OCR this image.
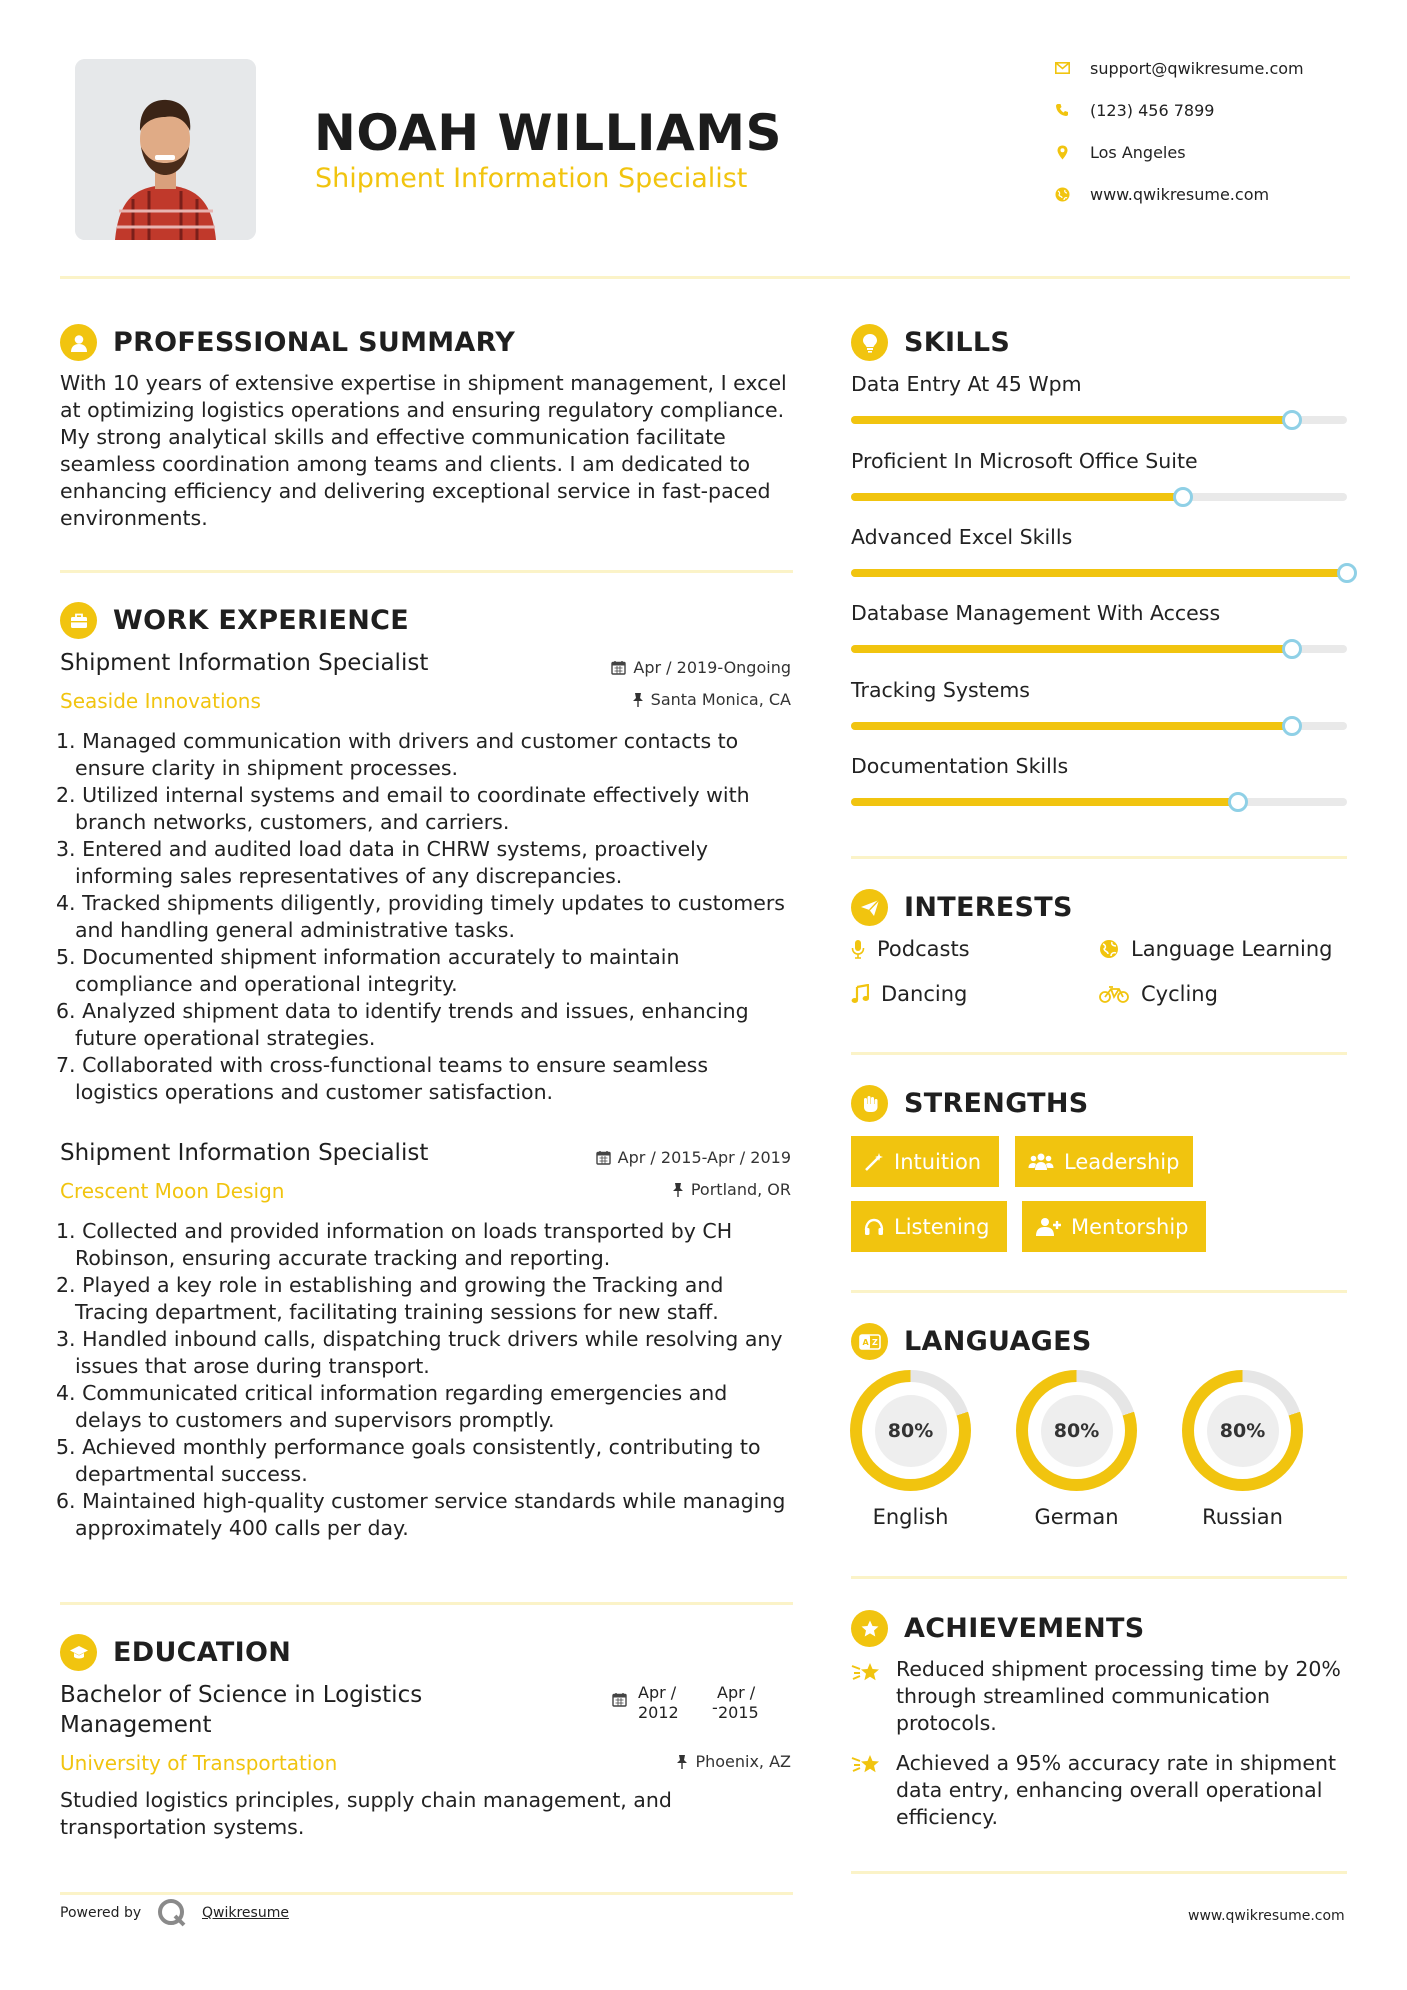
NOAH WILLIAMS
Shipment Information Specialist
support@qwikresume.com
(123) 456 7899
Los Angeles
www.qwikresume.com
PROFESSIONAL SUMMARY
With 10 years of extensive expertise in shipment management, I excel at optimizing logistics operations and ensuring regulatory compliance. My strong analytical skills and effective communication facilitate seamless coordination among teams and clients. I am dedicated to enhancing efficiency and delivering exceptional service in fast-paced environments.
WORK EXPERIENCE
Shipment Information Specialist
Seaside Innovations
Apr / 2019-Ongoing
Santa Monica, CA
1. Managed communication with drivers and customer contacts to ensure clarity in shipment processes.
2. Utilized internal systems and email to coordinate effectively with branch networks, customers, and carriers.
3. Entered and audited load data in CHRW systems, proactively informing sales representatives of any discrepancies.
4. Tracked shipments diligently, providing timely updates to customers and handling general administrative tasks.
5. Documented shipment information accurately to maintain compliance and operational integrity.
6. Analyzed shipment data to identify trends and issues, enhancing future operational strategies.
7. Collaborated with cross-functional teams to ensure seamless logistics operations and customer satisfaction.
Shipment Information Specialist
Crescent Moon Design
Apr / 2015-Apr / 2019
Portland, OR
1. Collected and provided information on loads transported by CH Robinson, ensuring accurate tracking and reporting.
2. Played a key role in establishing and growing the Tracking and Tracing department, facilitating training sessions for new staff.
3. Handled inbound calls, dispatching truck drivers while resolving any issues that arose during transport.
4. Communicated critical information regarding emergencies and delays to customers and supervisors promptly.
5. Achieved monthly performance goals consistently, contributing to departmental success.
6. Maintained high-quality customer service standards while managing approximately 400 calls per day.
EDUCATION
Bachelor of Science in Logistics
Management
University of Transportation
Apr /
2012
Apr /
- 2015
Phoenix, AZ
Studied logistics principles, supply chain management, and transportation systems.
Powered by	Qwikresume	www.qwikresume.com
SKILLS
Data Entry At 45 Wpm
Proficient In Microsoft Office Suite
Advanced Excel Skills
Database Management With Access
Tracking Systems
Documentation Skills
INTERESTS
Podcasts	Language Learning
Dancing	Cycling
STRENGTHS
Intuition	Leadership
Listening	Mentorship
A Z LANGUAGES
80%
English
80%
German
80%
Russian
ACHIEVEMENTS
Reduced shipment processing time by 20% through streamlined communication protocols.
Achieved a 95% accuracy rate in shipment data entry, enhancing overall operational efficiency.
